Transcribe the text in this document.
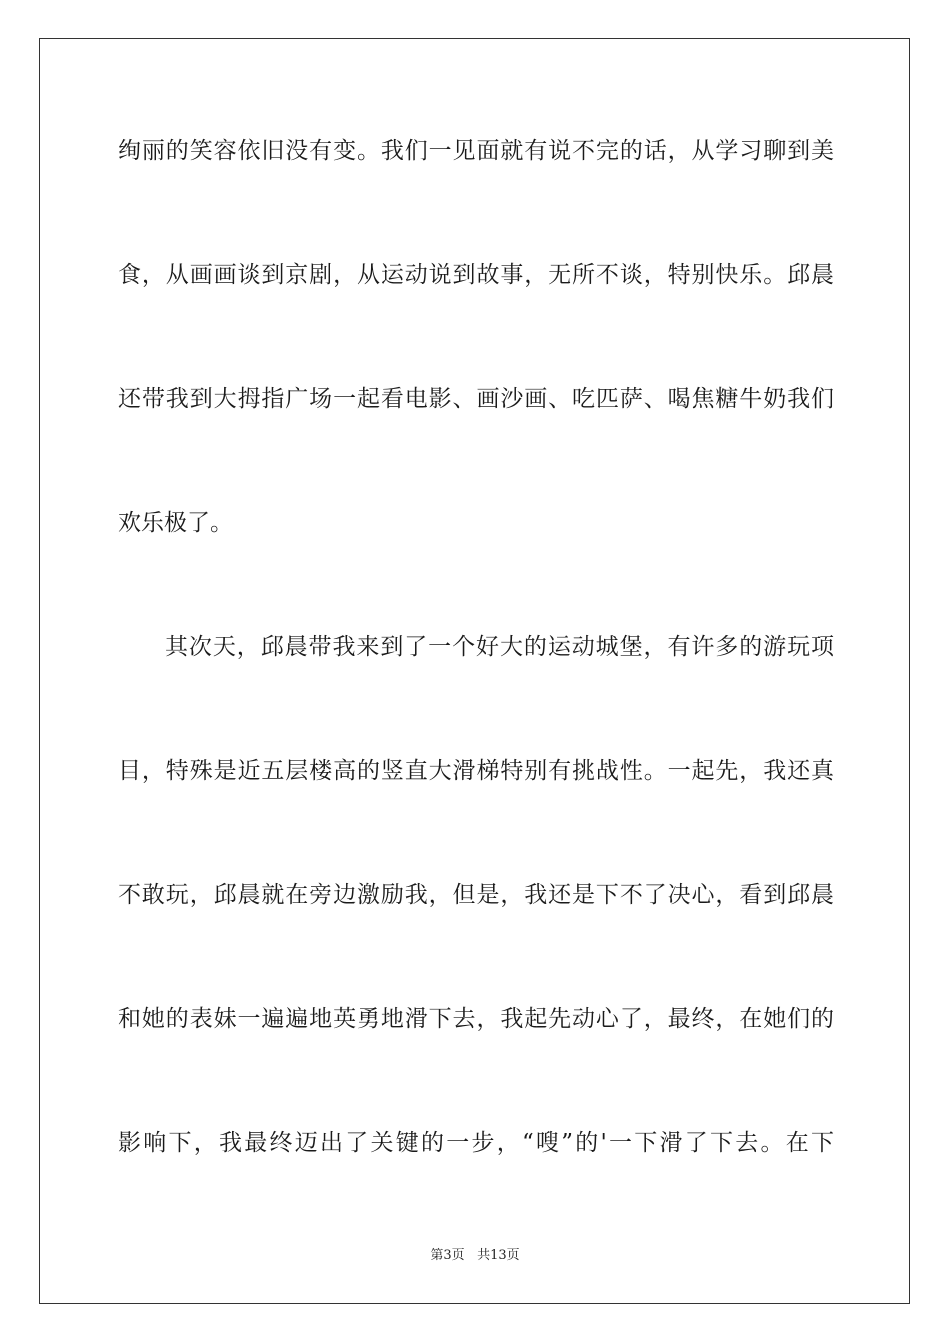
绚丽的笑容依旧没有变。我们一见面就有说不完的话，从学习聊到美
食，从画画谈到京剧，从运动说到故事，无所不谈，特别快乐。邱晨
还带我到大拇指广场一起看电影、画沙画、吃匹萨、喝焦糖牛奶我们
欢乐极了。
其次天，邱晨带我来到了一个好大的运动城堡，有许多的游玩项
目，特殊是近五层楼高的竖直大滑梯特别有挑战性。一起先，我还真
不敢玩，邱晨就在旁边激励我，但是，我还是下不了决心，看到邱晨
和她的表妹一遍遍地英勇地滑下去，我起先动心了，最终，在她们的
影响下，我最终迈出了关键的一步，“嗖”的'一下滑了下去。在下
第3页 共13页
